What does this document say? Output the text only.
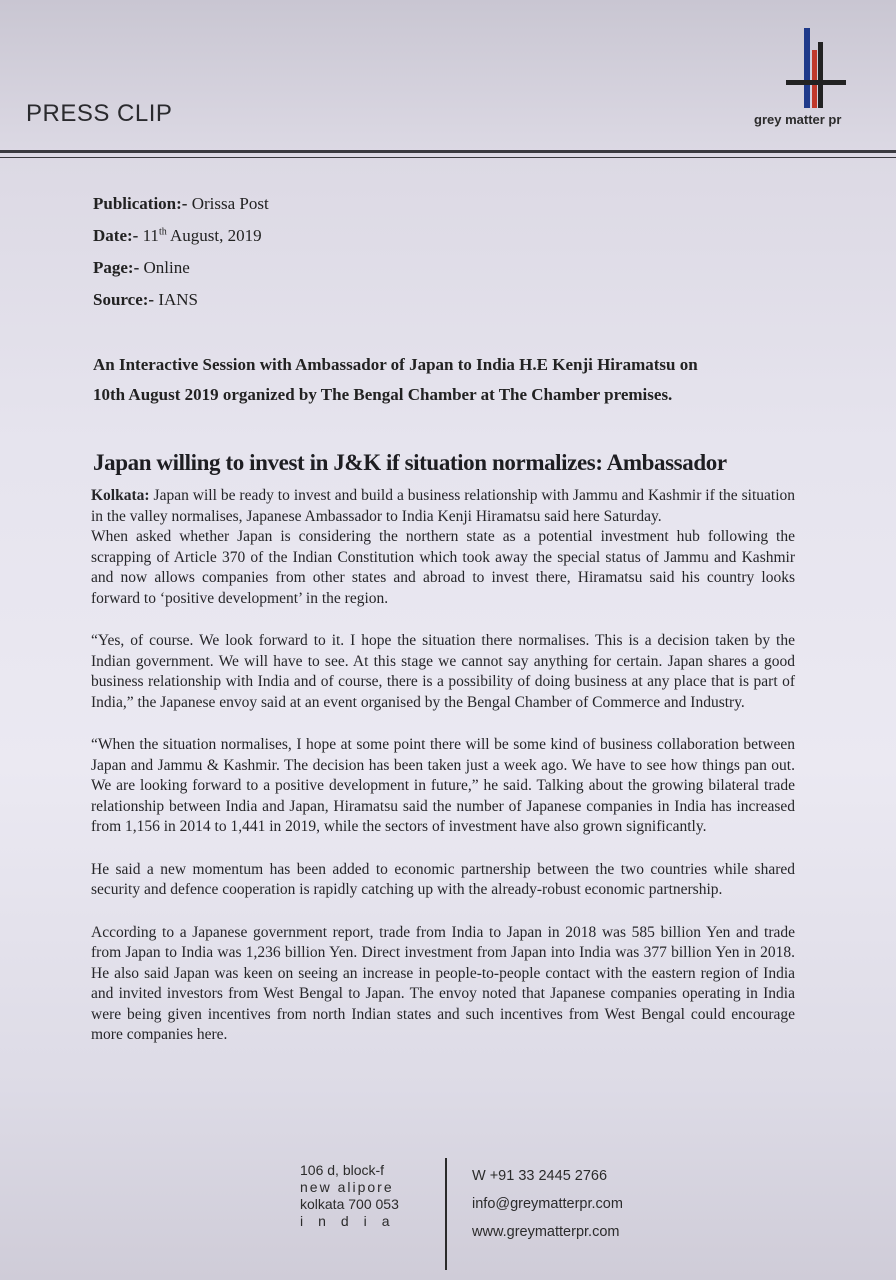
PRESS CLIP	grey matter pr
Publication:- Orissa Post
Date:- 11th August, 2019
Page:- Online
Source:- IANS
An Interactive Session with Ambassador of Japan to India H.E Kenji Hiramatsu on
10th August 2019 organized by The Bengal Chamber at The Chamber premises.
Japan willing to invest in J&K if situation normalizes: Ambassador

Kolkata: Japan will be ready to invest and build a business relationship with Jammu and Kashmir if the situation in the valley normalises, Japanese Ambassador to India Kenji Hiramatsu said here Saturday.

When asked whether Japan is considering the northern state as a potential investment hub following the scrapping of Article 370 of the Indian Constitution which took away the special status of Jammu and Kashmir and now allows companies from other states and abroad to invest there, Hiramatsu said his country looks forward to ‘positive development’ in the region.

“Yes, of course. We look forward to it. I hope the situation there normalises. This is a decision taken by the Indian government. We will have to see. At this stage we cannot say anything for certain. Japan shares a good business relationship with India and of course, there is a possibility of doing business at any place that is part of India,” the Japanese envoy said at an event organised by the Bengal Chamber of Commerce and Industry.

“When the situation normalises, I hope at some point there will be some kind of business collaboration between Japan and Jammu & Kashmir. The decision has been taken just a week ago. We have to see how things pan out. We are looking forward to a positive development in future,” he said. Talking about the growing bilateral trade relationship between India and Japan, Hiramatsu said the number of Japanese companies in India has increased from 1,156 in 2014 to 1,441 in 2019, while the sectors of investment have also grown significantly.

He said a new momentum has been added to economic partnership between the two countries while shared security and defence cooperation is rapidly catching up with the already-robust economic partnership.

According to a Japanese government report, trade from India to Japan in 2018 was 585 billion Yen and trade from Japan to India was 1,236 billion Yen. Direct investment from Japan into India was 377 billion Yen in 2018. He also said Japan was keen on seeing an increase in people-to-people contact with the eastern region of India and invited investors from West Bengal to Japan. The envoy noted that Japanese companies operating in India were being given incentives from north Indian states and such incentives from West Bengal could encourage more companies here.

106 d, block-f
new alipore
kolkata 700 053
india
W +91 33 2445 2766
info@greymatterpr.com
www.greymatterpr.com
